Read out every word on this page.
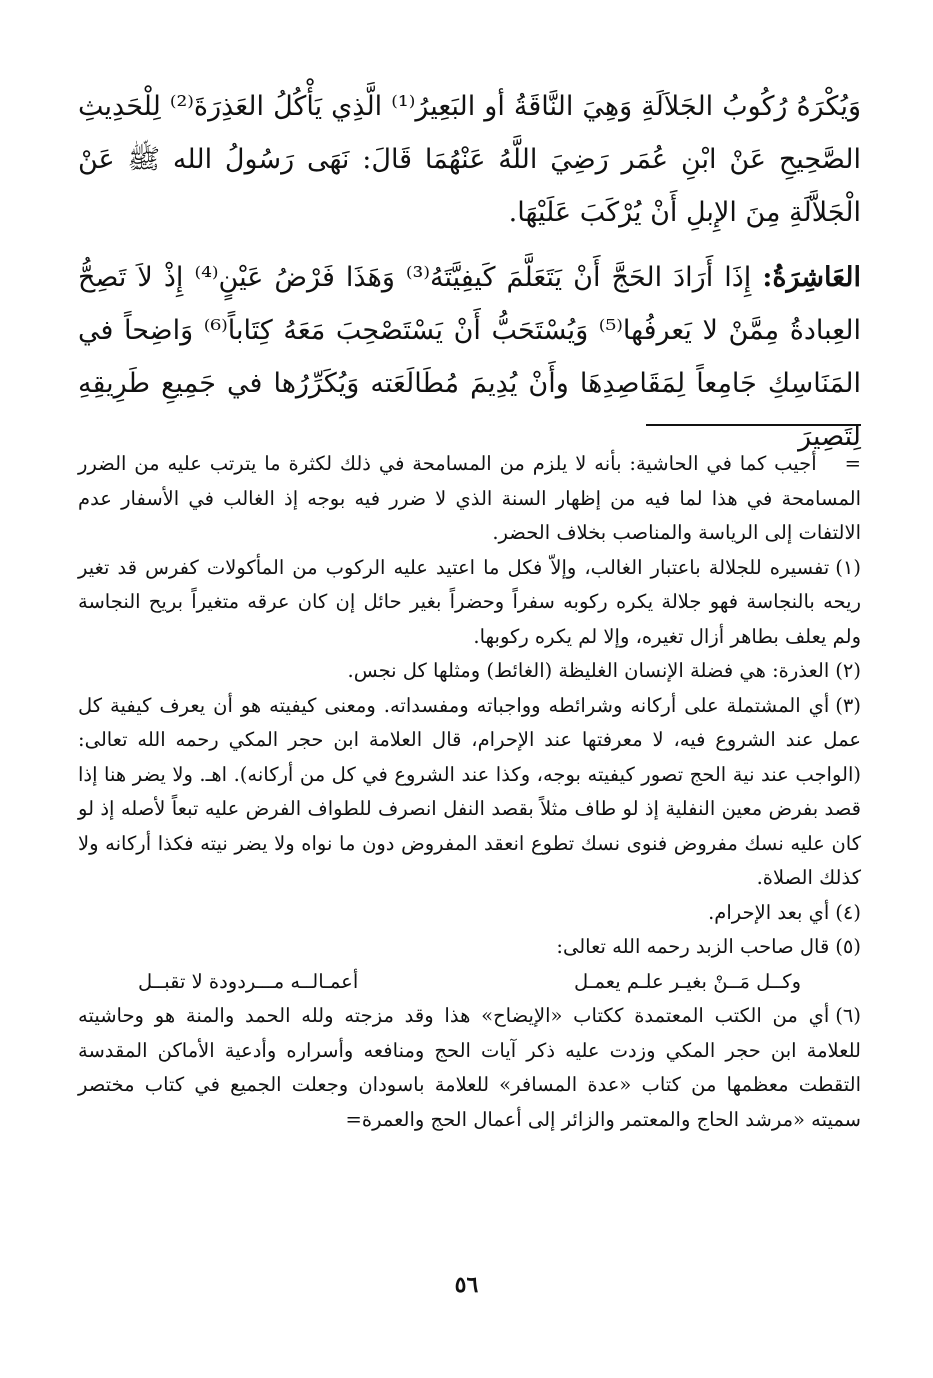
وَيُكْرَهُ رُكُوبُ الجَلاَلَةِ وَهِيَ النَّاقَةُ أو البَعِيرُ⁽¹⁾ الَّذِي يَأْكُلُ العَذِرَةَ⁽²⁾ لِلْحَدِيثِ الصَّحِيحِ عَنْ ابْنِ عُمَر رَضِيَ اللَّهُ عَنْهُمَا قَالَ: نَهَى رَسُولُ الله ﷺ عَنْ الْجَلاَّلَةِ مِنَ الإِبلِ أَنْ يُرْكَبَ عَلَيْهَا.

العَاشِرَةُ: إِذَا أَرَادَ الحَجَّ أَنْ يَتَعَلَّمَ كَيفِيَّتَهُ⁽³⁾ وَهَذَا فَرْضُ عَيْنٍ⁽⁴⁾ إِذْ لاَ تَصِحُّ العِبادةُ مِمَّنْ لا يَعرفُها⁽⁵⁾ وَيُسْتَحَبُّ أَنْ يَسْتَصْحِبَ مَعَهُ كِتَاباً⁽⁶⁾ وَاضِحاً في المَنَاسِكِ جَامِعاً لِمَقَاصِدِهَا وأَنْ يُدِيمَ مُطَالَعَته وَيُكَرِّرُها في جَمِيعِ طَرِيقِهِ لِتَصِيرَ

=أجيب كما في الحاشية: بأنه لا يلزم من المسامحة في ذلك لكثرة ما يترتب عليه من الضرر المسامحة في هذا لما فيه من إظهار السنة الذي لا ضرر فيه بوجه إذ الغالب في الأسفار عدم الالتفات إلى الرياسة والمناصب بخلاف الحضر.

(١)تفسيره للجلالة باعتبار الغالب، وإلاّ فكل ما اعتيد عليه الركوب من المأكولات كفرس قد تغير ريحه بالنجاسة فهو جلالة يكره ركوبه سفراً وحضراً بغير حائل إن كان عرقه متغيراً بريح النجاسة ولم يعلف بطاهر أزال تغيره، وإلا لم يكره ركوبها.

(٢)العذرة: هي فضلة الإنسان الغليظة (الغائط) ومثلها كل نجس.

(٣)أي المشتملة على أركانه وشرائطه وواجباته ومفسداته. ومعنى كيفيته هو أن يعرف كيفية كل عمل عند الشروع فيه، لا معرفتها عند الإحرام، قال العلامة ابن حجر المكي رحمه الله تعالى: (الواجب عند نية الحج تصور كيفيته بوجه، وكذا عند الشروع في كل من أركانه). اهـ. ولا يضر هنا إذا قصد بفرض معين النفلية إذ لو طاف مثلاً بقصد النفل انصرف للطواف الفرض عليه تبعاً لأصله إذ لو كان عليه نسك مفروض فنوى نسك تطوع انعقد المفروض دون ما نواه ولا يضر نيته فكذا أركانه ولا كذلك الصلاة.

(٤)أي بعد الإحرام.

(٥)قال صاحب الزبد رحمه الله تعالى:

وكــل مَــنْ بغيـر علـم يعمـل
أعمـالــه مـــردودة لا تقبــل

(٦)أي من الكتب المعتمدة ككتاب «الإيضاح» هذا وقد مزجته ولله الحمد والمنة هو وحاشيته للعلامة ابن حجر المكي وزدت عليه ذكر آيات الحج ومنافعه وأسراره وأدعية الأماكن المقدسة التقطت معظمها من كتاب «عدة المسافر» للعلامة باسودان وجعلت الجميع في كتاب مختصر سميته «مرشد الحاج والمعتمر والزائر إلى أعمال الحج والعمرة=

٥٦
